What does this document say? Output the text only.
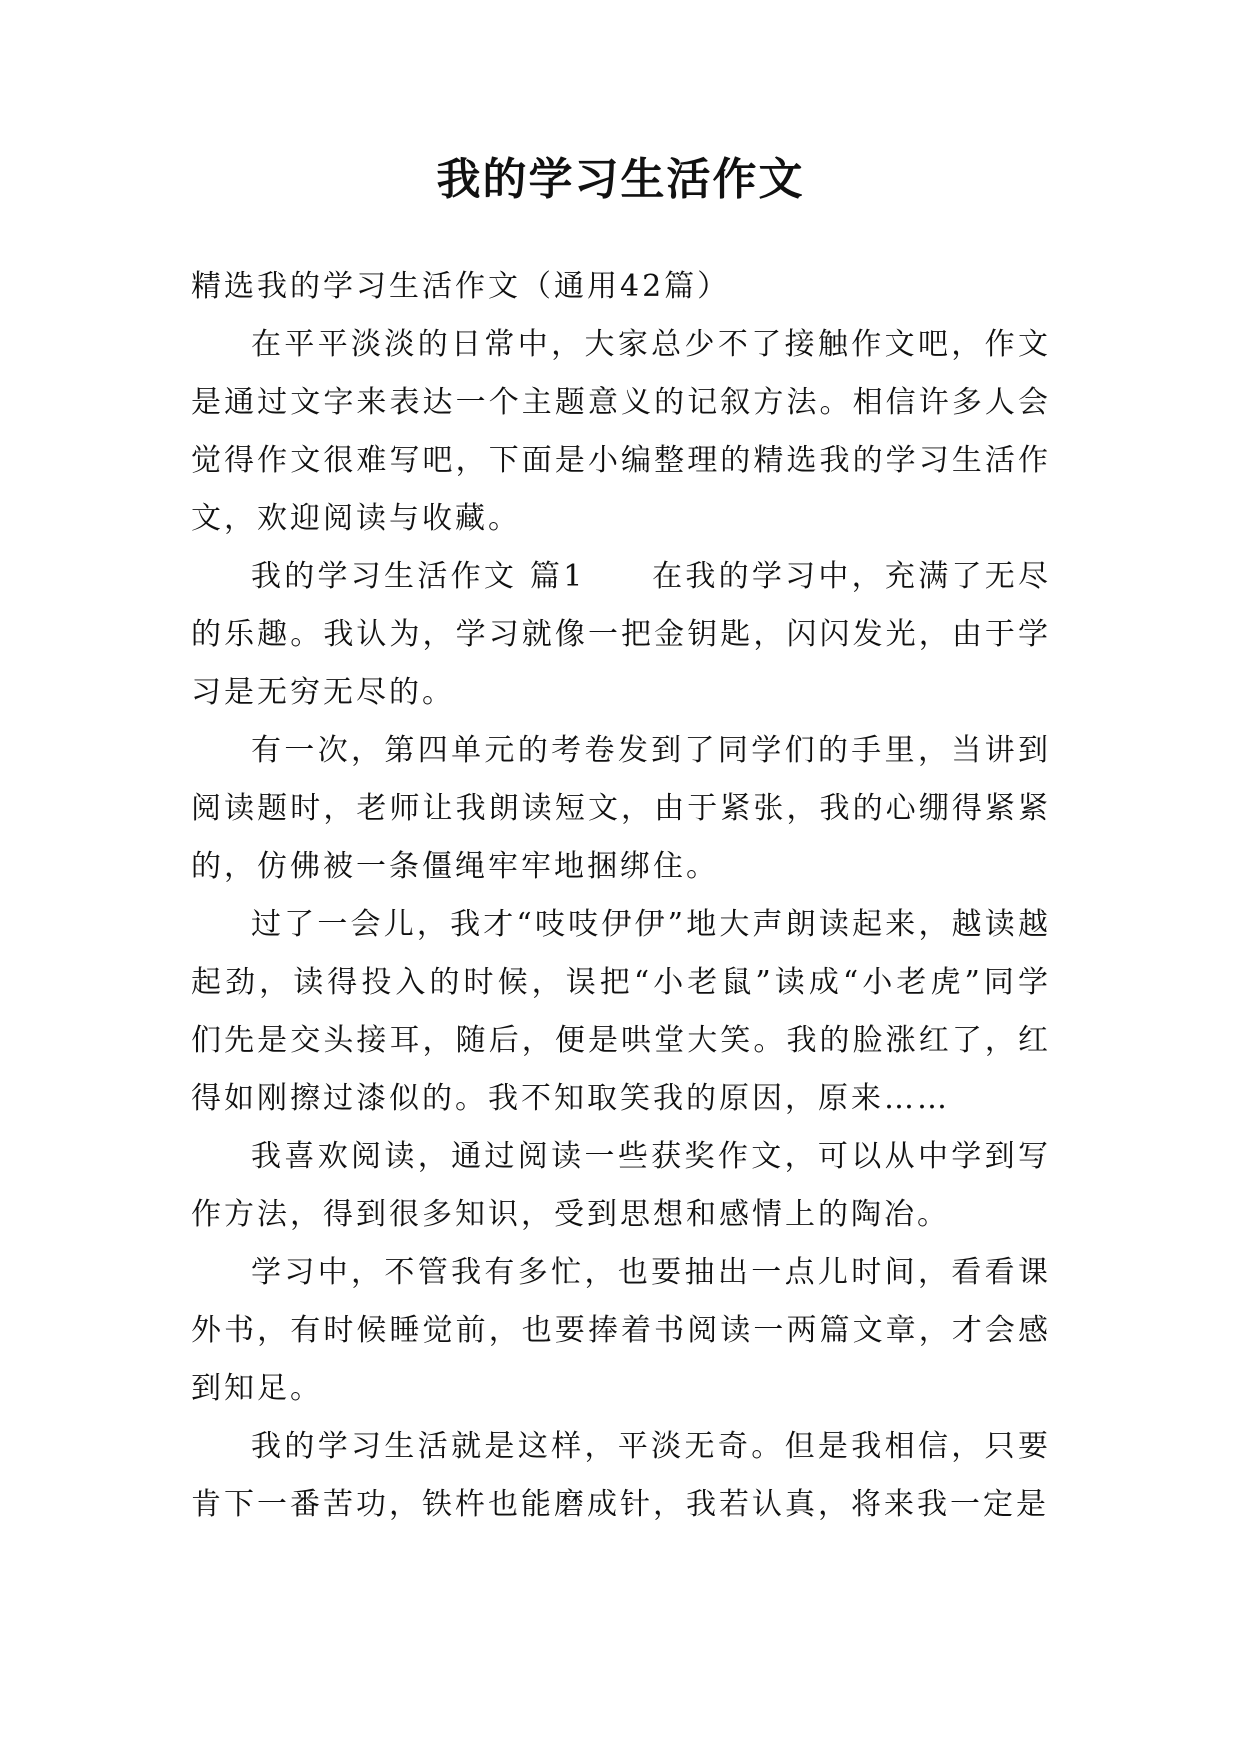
我的学习生活作文

精选我的学习生活作文（通用42篇）

在平平淡淡的日常中，大家总少不了接触作文吧，作文是通过文字来表达一个主题意义的记叙方法。相信许多人会觉得作文很难写吧，下面是小编整理的精选我的学习生活作文，欢迎阅读与收藏。

我的学习生活作文 篇1　　在我的学习中，充满了无尽的乐趣。我认为，学习就像一把金钥匙，闪闪发光，由于学习是无穷无尽的。

有一次，第四单元的考卷发到了同学们的手里，当讲到阅读题时，老师让我朗读短文，由于紧张，我的心绷得紧紧的，仿佛被一条僵绳牢牢地捆绑住。

过了一会儿，我才“吱吱伊伊”地大声朗读起来，越读越起劲，读得投入的时候，误把“小老鼠”读成“小老虎”同学们先是交头接耳，随后，便是哄堂大笑。我的脸涨红了，红得如刚擦过漆似的。我不知取笑我的原因，原来……

我喜欢阅读，通过阅读一些获奖作文，可以从中学到写作方法，得到很多知识，受到思想和感情上的陶冶。

学习中，不管我有多忙，也要抽出一点儿时间，看看课外书，有时候睡觉前，也要捧着书阅读一两篇文章，才会感到知足。

我的学习生活就是这样，平淡无奇。但是我相信，只要肯下一番苦功，铁杵也能磨成针，我若认真，将来我一定是
